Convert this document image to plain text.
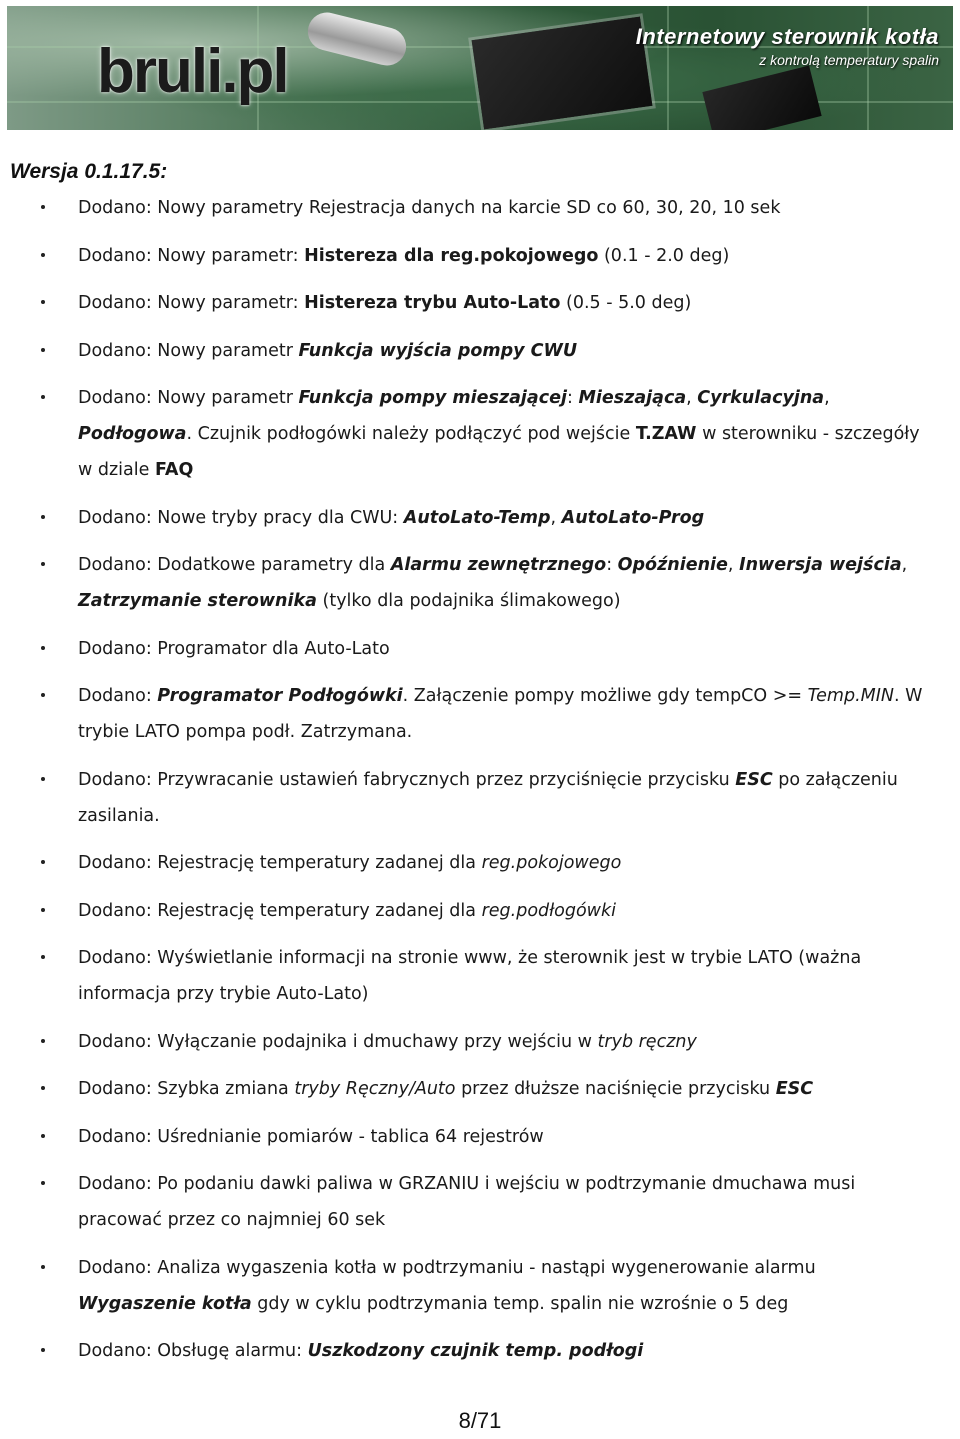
bruli.pl
Internetowy sterownik kotła
z kontrolą temperatury spalin
Wersja 0.1.17.5:
Dodano: Nowy parametry Rejestracja danych na karcie SD co 60, 30, 20, 10 sek
Dodano: Nowy parametr: Histereza dla reg.pokojowego (0.1 - 2.0 deg)
Dodano: Nowy parametr: Histereza trybu Auto-Lato (0.5 - 5.0 deg)
Dodano: Nowy parametr Funkcja wyjścia pompy CWU
Dodano: Nowy parametr Funkcja pompy mieszającej: Mieszająca, Cyrkulacyjna, Podłogowa. Czujnik podłogówki należy podłączyć pod wejście T.ZAW w sterowniku - szczegóły w dziale FAQ
Dodano: Nowe tryby pracy dla CWU: AutoLato-Temp, AutoLato-Prog
Dodano: Dodatkowe parametry dla Alarmu zewnętrznego: Opóźnienie, Inwersja wejścia, Zatrzymanie sterownika (tylko dla podajnika ślimakowego)
Dodano: Programator dla Auto-Lato
Dodano: Programator Podłogówki. Załączenie pompy możliwe gdy tempCO >= Temp.MIN. W trybie LATO pompa podł. Zatrzymana.
Dodano: Przywracanie ustawień fabrycznych przez przyciśnięcie przycisku ESC po załączeniu zasilania.
Dodano: Rejestrację temperatury zadanej dla reg.pokojowego
Dodano: Rejestrację temperatury zadanej dla reg.podłogówki
Dodano: Wyświetlanie informacji na stronie www, że sterownik jest w trybie LATO (ważna informacja przy trybie Auto-Lato)
Dodano: Wyłączanie podajnika i dmuchawy przy wejściu w tryb ręczny
Dodano: Szybka zmiana tryby Ręczny/Auto przez dłuższe naciśnięcie przycisku ESC
Dodano: Uśrednianie pomiarów - tablica 64 rejestrów
Dodano: Po podaniu dawki paliwa w GRZANIU i wejściu w podtrzymanie dmuchawa musi pracować przez co najmniej 60 sek
Dodano: Analiza wygaszenia kotła w podtrzymaniu - nastąpi wygenerowanie alarmu Wygaszenie kotła gdy w cyklu podtrzymania temp. spalin nie wzrośnie o 5 deg
Dodano: Obsługę alarmu: Uszkodzony czujnik temp. podłogi
8/71
